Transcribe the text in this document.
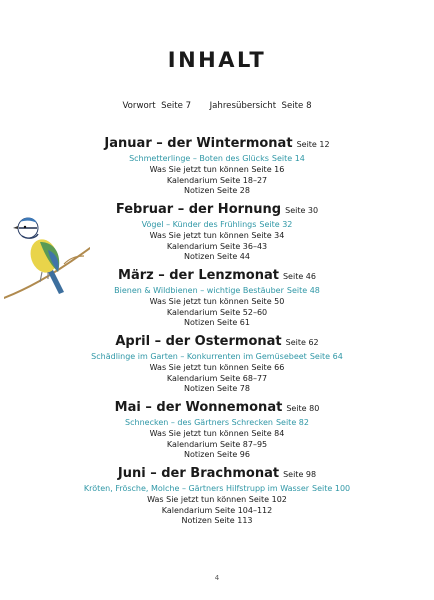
INHALT
Vorwort Seite 7 Jahresübersicht Seite 8
Januar – der Wintermonat Seite 12
Schmetterlinge – Boten des Glücks Seite 14
Was Sie jetzt tun können Seite 16
Kalendarium Seite 18–27
Notizen Seite 28
Februar – der Hornung Seite 30
Vögel – Künder des Frühlings Seite 32
Was Sie jetzt tun können Seite 34
Kalendarium Seite 36–43
Notizen Seite 44
März – der Lenzmonat Seite 46
Bienen & Wildbienen – wichtige Bestäuber Seite 48
Was Sie jetzt tun können Seite 50
Kalendarium Seite 52–60
Notizen Seite 61
April – der Ostermonat Seite 62
Schädlinge im Garten – Konkurrenten im Gemüsebeet Seite 64
Was Sie jetzt tun können Seite 66
Kalendarium Seite 68–77
Notizen Seite 78
Mai – der Wonnemonat Seite 80
Schnecken – des Gärtners Schrecken Seite 82
Was Sie jetzt tun können Seite 84
Kalendarium Seite 87–95
Notizen Seite 96
Juni – der Brachmonat Seite 98
Kröten, Frösche, Molche – Gärtners Hilfstrupp im Wasser Seite 100
Was Sie jetzt tun können Seite 102
Kalendarium Seite 104–112
Notizen Seite 113
4
